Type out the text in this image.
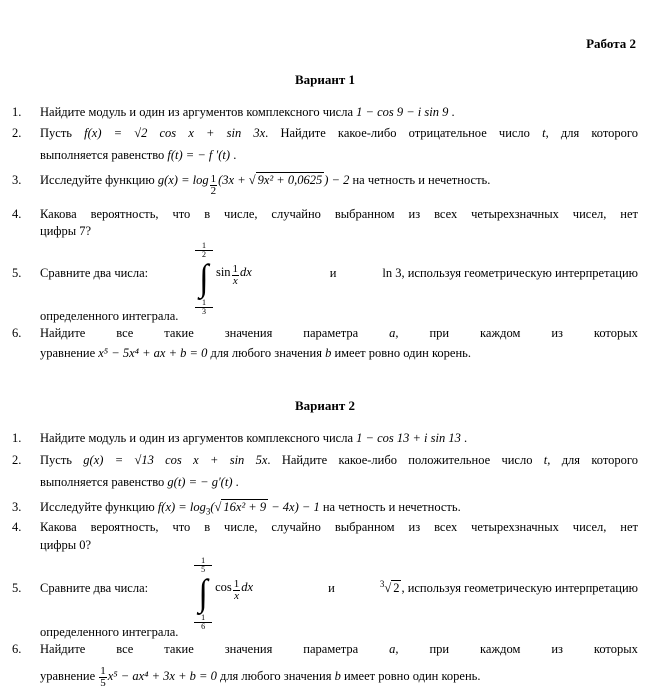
Работа 2
Вариант 1
1. Найдите модуль и один из аргументов комплексного числа 1 − cos 9 − i sin 9 .
2. Пусть f(x) = √2 cos x + sin 3x. Найдите какое-либо отрицательное число t, для которого
выполняется равенство f(t) = − f ′(t) .
3. Исследуйте функцию $g(x) = \log \frac{1}{2} (3x$ + √ 9x² + 0,0625 ) − 2 на четность и нечетность.
4. Какова вероятность, что в числе, случайно выбранном из всех четырехзначных чисел, нет
цифры 7?
5. Сравните два числа:
1
2
∫
1
3
$\sin \frac{1}{x}$ dx	и	ln 3, используя геометрическую интерпретацию
определенного интеграла.
6. Найдите все такие значения параметра a, при каждом из которых
уравнение x⁵ − 5x⁴ + ax + b = 0 для любого значения b имеет ровно один корень.
Вариант 2
1. Найдите модуль и один из аргументов комплексного числа 1 − cos 13 + i sin 13 .
2. Пусть g(x) = √13 cos x + sin 5x. Найдите какое-либо положительное число t, для которого
выполняется равенство g(t) = − g′(t) .
3. Исследуйте функцию $f(x) = \log_3(√$ 16x² + 9 − 4x) − 1 на четность и нечетность.
4. Какова вероятность, что в числе, случайно выбранном из всех четырехзначных чисел, нет
цифры 0?
5. Сравните два числа:
1
5
∫
1
6
$\cos \frac{1}{x}$ dx	и	$^3$√ 2 , используя геометрическую интерпретацию
определенного интеграла.
6. Найдите все такие значения параметра a, при каждом из которых
уравнение $\frac{1}{5} x^5 - ax^4 + 3x + b = 0$ для любого значения b имеет ровно один корень.
